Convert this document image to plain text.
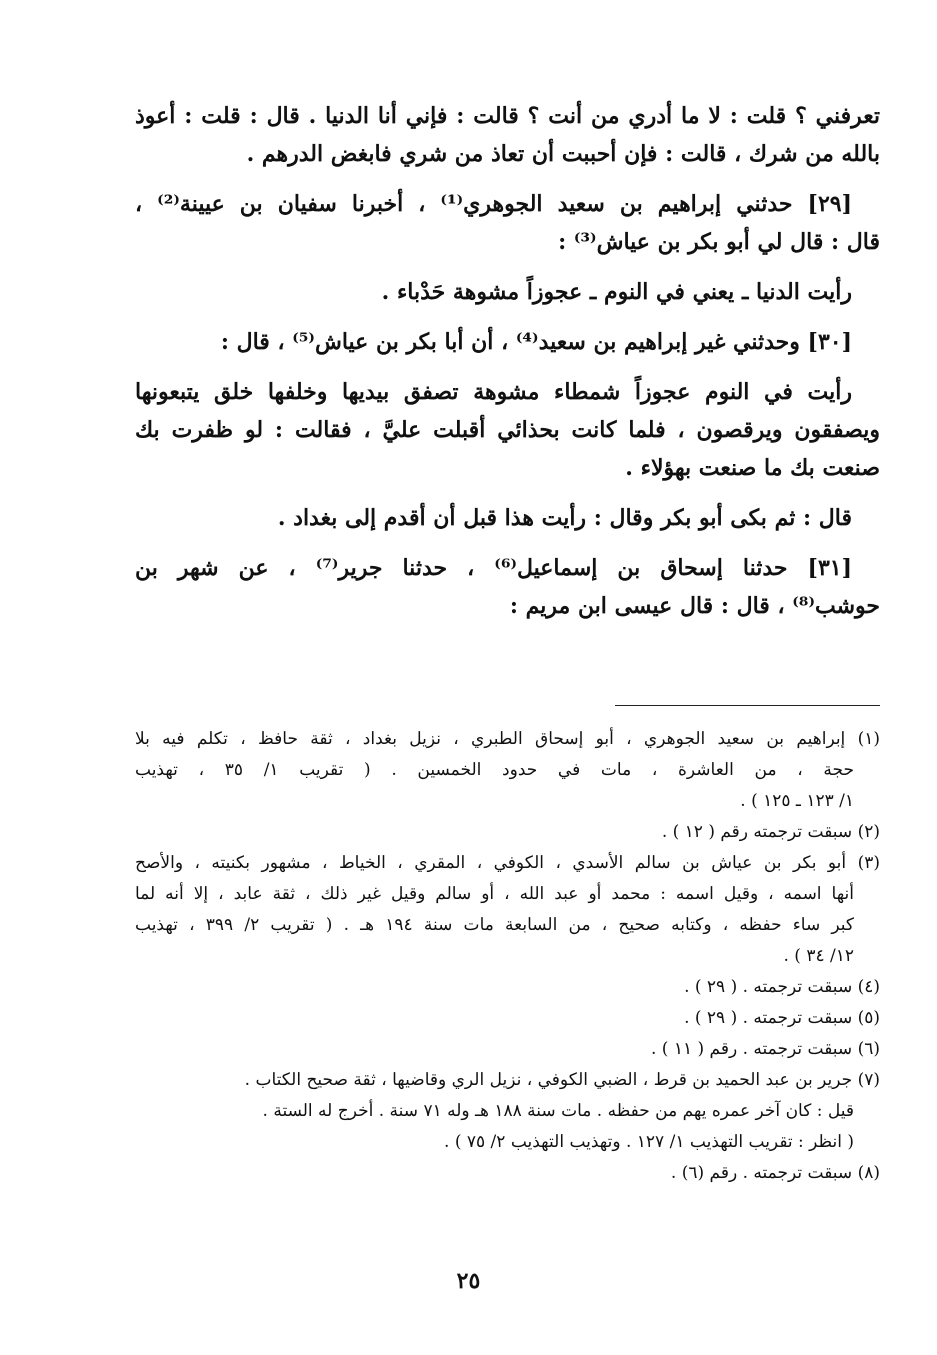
تعرفني ؟ قلت : لا ما أدري من أنت ؟ قالت : فإني أنا الدنيا . قال : قلت : أعوذ
بالله من شرك ، قالت : فإن أحببت أن تعاذ من شري فابغض الدرهم .
[٢٩] حدثني إبراهيم بن سعيد الجوهري⁽¹⁾ ، أخبرنا سفيان بن عيينة⁽²⁾ ،
قال : قال لي أبو بكر بن عياش⁽³⁾ :
رأيت الدنيا ـ يعني في النوم ـ عجوزاً مشوهة حَدْباء .
[٣٠] وحدثني غير إبراهيم بن سعيد⁽⁴⁾ ، أن أبا بكر بن عياش⁽⁵⁾ ، قال :
رأيت في النوم عجوزاً شمطاء مشوهة تصفق بيديها وخلفها خلق يتبعونها
ويصفقون ويرقصون ، فلما كانت بحذائي أقبلت عليَّ ، فقالت : لو ظفرت بك
صنعت بك ما صنعت بهؤلاء .
قال : ثم بكى أبو بكر وقال : رأيت هذا قبل أن أقدم إلى بغداد .
[٣١] حدثنا إسحاق بن إسماعيل⁽⁶⁾ ، حدثنا جرير⁽⁷⁾ ، عن شهر بن
حوشب⁽⁸⁾ ، قال : قال عيسى ابن مريم :
(١) إبراهيم بن سعيد الجوهري ، أبو إسحاق الطبري ، نزيل بغداد ، ثقة حافظ ، تكلم فيه بلا
حجة ، من العاشرة ، مات في حدود الخمسين . ( تقريب ١/ ٣٥ ، تهذيب
١/ ١٢٣ ـ ١٢٥ ) .
(٢) سبقت ترجمته رقم ( ١٢ ) .
(٣) أبو بكر بن عياش بن سالم الأسدي ، الكوفي ، المقري ، الخياط ، مشهور بكنيته ، والأصح
أنها اسمه ، وقيل اسمه : محمد أو عبد الله ، أو سالم وقيل غير ذلك ، ثقة عابد ، إلا أنه لما
كبر ساء حفظه ، وكتابه صحيح ، من السابعة مات سنة ١٩٤ هـ . ( تقريب ٢/ ٣٩٩ ، تهذيب
١٢/ ٣٤ ) .
(٤) سبقت ترجمته . ( ٢٩ ) .
(٥) سبقت ترجمته . ( ٢٩ ) .
(٦) سبقت ترجمته . رقم ( ١١ ) .
(٧) جرير بن عبد الحميد بن قرط ، الضبي الكوفي ، نزيل الري وقاضيها ، ثقة صحيح الكتاب .
قيل : كان آخر عمره يهم من حفظه . مات سنة ١٨٨ هـ وله ٧١ سنة . أخرج له الستة .
( انظر : تقريب التهذيب ١/ ١٢٧ . وتهذيب التهذيب ٢/ ٧٥ ) .
(٨) سبقت ترجمته . رقم (٦) .
٢٥
